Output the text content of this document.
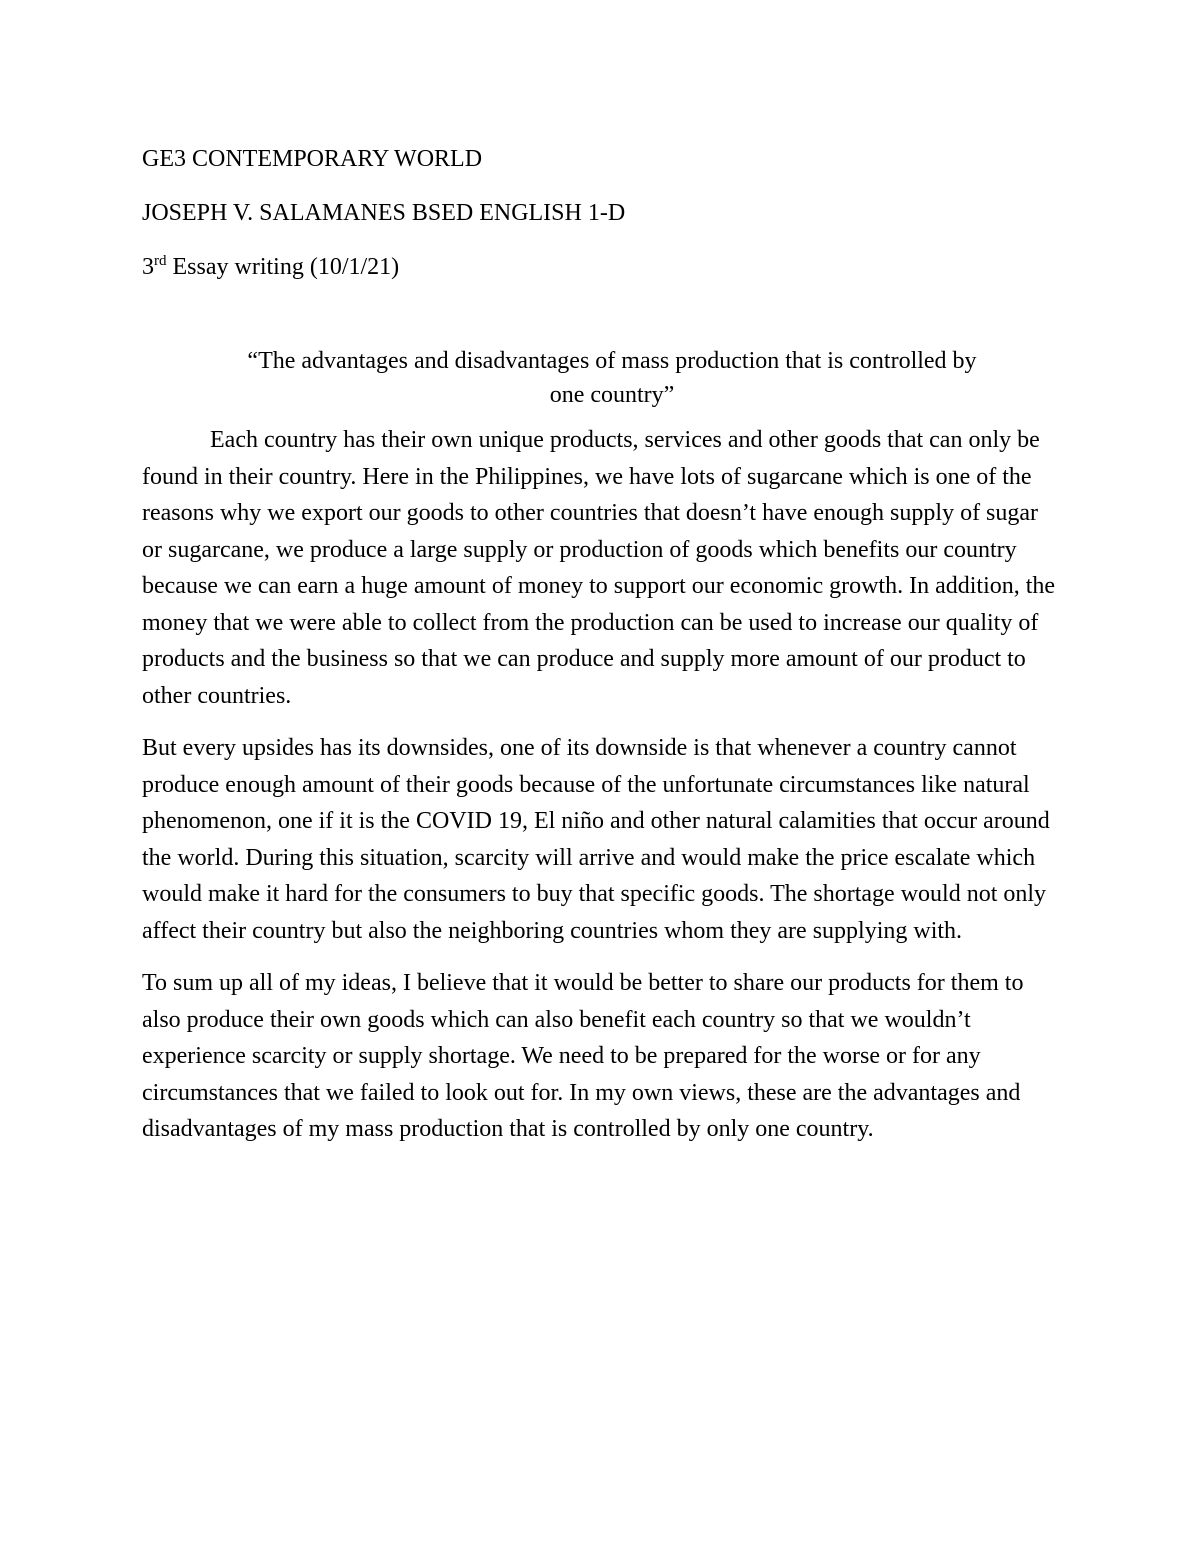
GE3 CONTEMPORARY WORLD

JOSEPH V. SALAMANES BSED ENGLISH 1-D

3rd Essay writing (10/1/21)

“The advantages and disadvantages of mass production that is controlled by
one country”

Each country has their own unique products, services and other goods that can only be found in their country. Here in the Philippines, we have lots of sugarcane which is one of the reasons why we export our goods to other countries that doesn’t have enough supply of sugar or sugarcane, we produce a large supply or production of goods which benefits our country because we can earn a huge amount of money to support our economic growth. In addition, the money that we were able to collect from the production can be used to increase our quality of products and the business so that we can produce and supply more amount of our product to other countries.

But every upsides has its downsides, one of its downside is that whenever a country cannot produce enough amount of their goods because of the unfortunate circumstances like natural phenomenon, one if it is the COVID 19, El niño and other natural calamities that occur around the world. During this situation, scarcity will arrive and would make the price escalate which would make it hard for the consumers to buy that specific goods. The shortage would not only affect their country but also the neighboring countries whom they are supplying with.

To sum up all of my ideas, I believe that it would be better to share our products for them to also produce their own goods which can also benefit each country so that we wouldn’t experience scarcity or supply shortage. We need to be prepared for the worse or for any circumstances that we failed to look out for. In my own views, these are the advantages and disadvantages of my mass production that is controlled by only one country.
